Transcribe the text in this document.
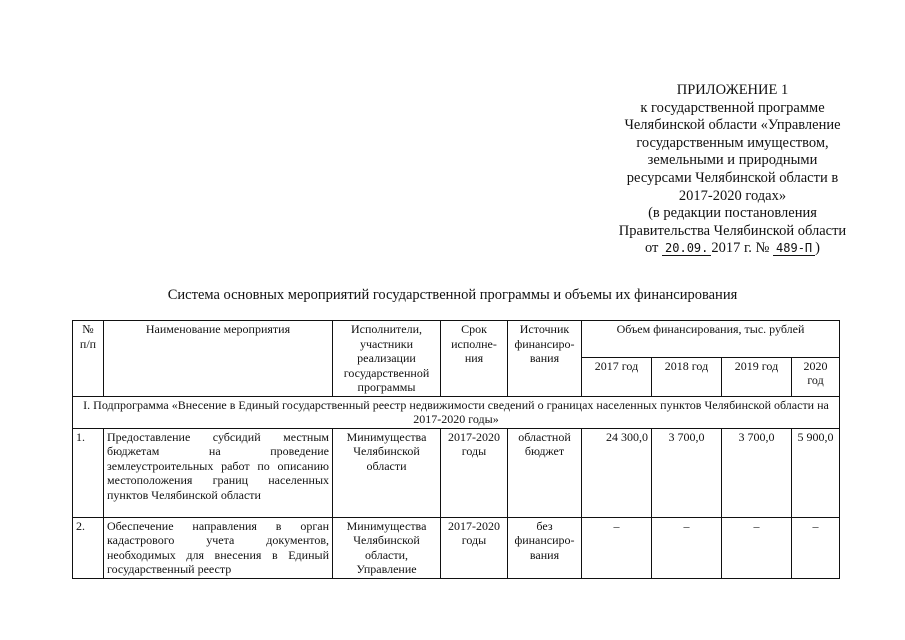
ПРИЛОЖЕНИЕ 1
к государственной программе
Челябинской области «Управление
государственным имуществом,
земельными и природными
ресурсами Челябинской области в
2017-2020 годах»
(в редакции постановления
Правительства Челябинской области
от 20.09. 2017 г. № 489-П )
Система основных мероприятий государственной программы и объемы их финансирования
№ п/п	Наименование мероприятия	Исполнители, участники реализации государственной программы	Срок исполне-ния	Источник финансиро-вания	Объем финансирования, тыс. рублей			
					2017 год	2018 год	2019 год	2020 год
I. Подпрограмма «Внесение в Единый государственный реестр недвижимости сведений о границах населенных пунктов Челябинской области на 2017-2020 годы»								
1.	Предоставление субсидий местным бюджетам на проведение землеустроительных работ по описанию местоположения границ населенных пунктов Челябинской области	Минимущества Челябинской области	2017-2020 годы	областной бюджет	24 300,0	3 700,0	3 700,0	5 900,0
2.	Обеспечение направления в орган кадастрового учета документов, необходимых для внесения в Единый государственный реестр	Минимущества Челябинской области, Управление	2017-2020 годы	без финансиро-вания	–	–	–	–
